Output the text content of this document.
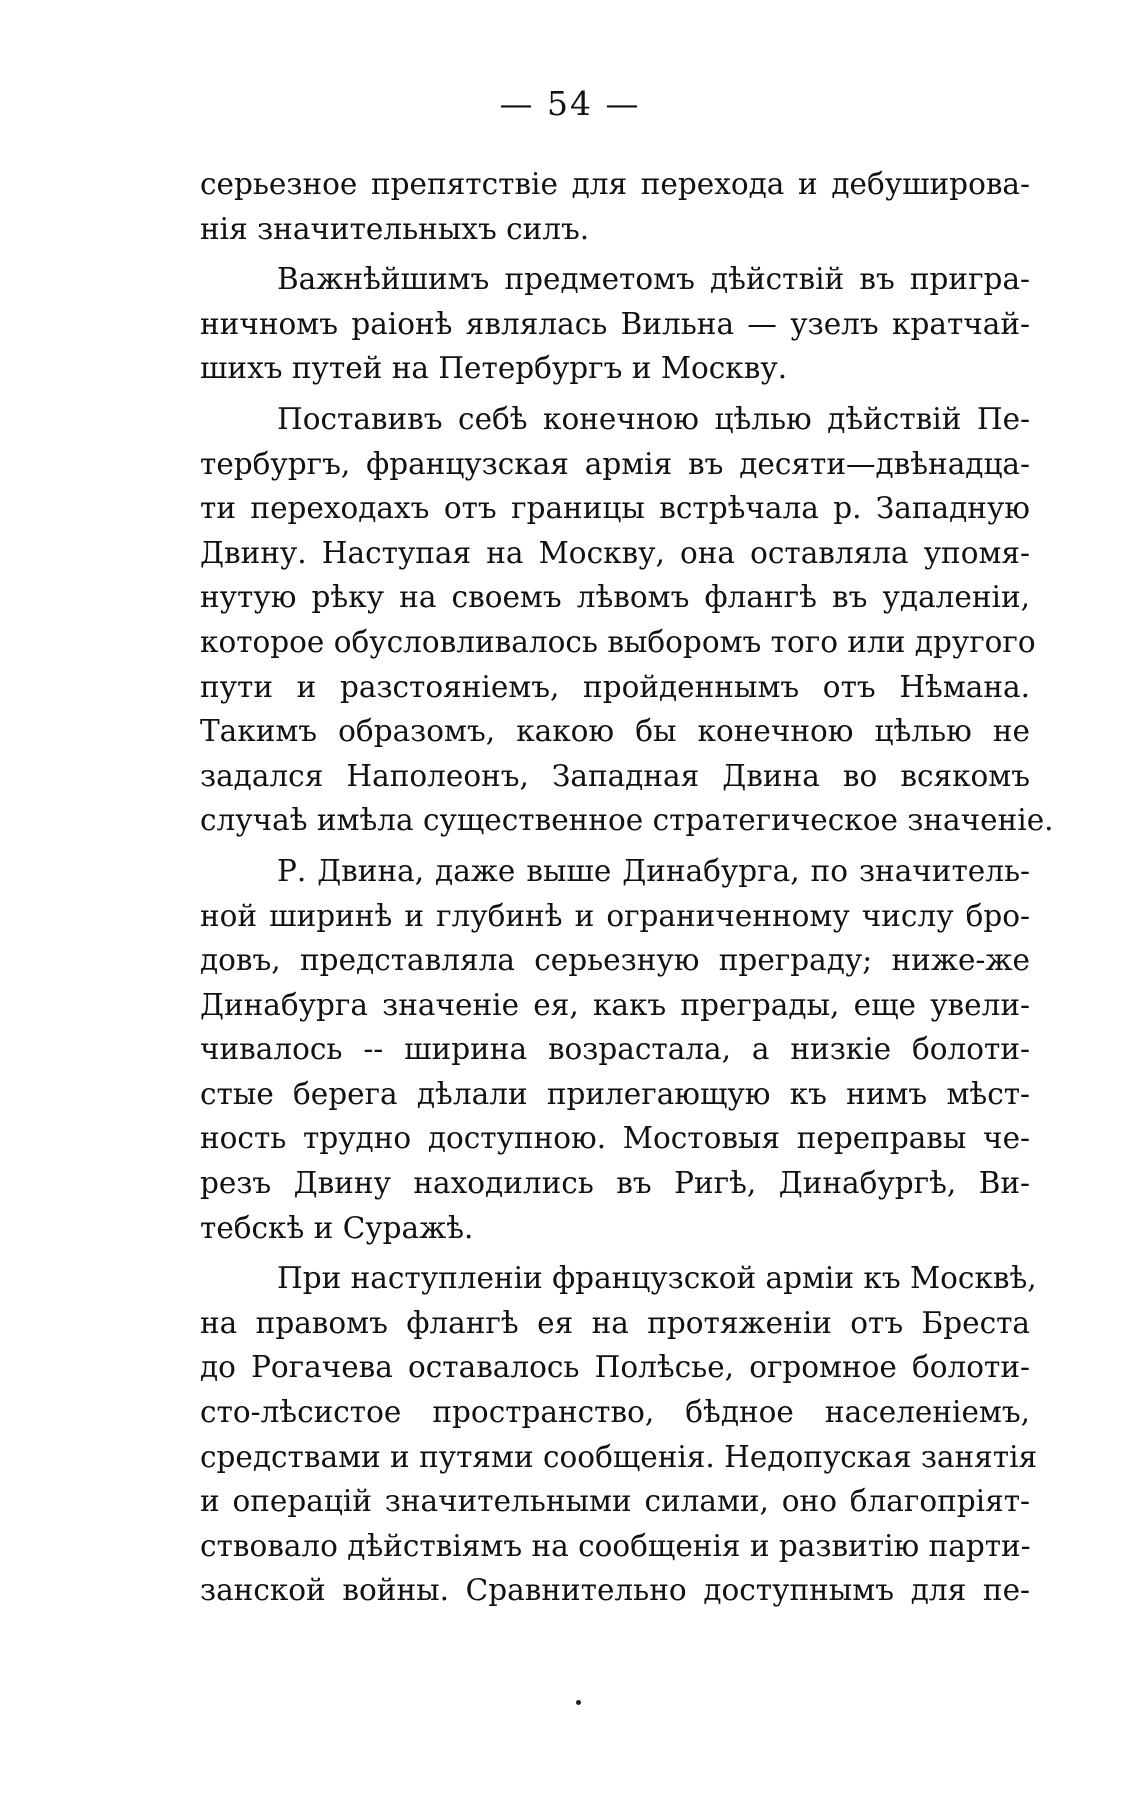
— 54 —
серьезное препятствіе для перехода и дебуширова-
нія значительныхъ силъ.
Важнѣйшимъ предметомъ дѣйствій въ пригра-
ничномъ раіонѣ являлась Вильна — узелъ кратчай-
шихъ путей на Петербургъ и Москву.
Поставивъ себѣ конечною цѣлью дѣйствій Пе-
тербургъ, французская армія въ десяти—двѣнадца-
ти переходахъ отъ границы встрѣчала р. Западную
Двину. Наступая на Москву, она оставляла упомя-
нутую рѣку на своемъ лѣвомъ флангѣ въ удаленіи,
которое обусловливалось выборомъ того или другого
пути и разстояніемъ, пройденнымъ отъ Нѣмана.
Такимъ образомъ, какою бы конечною цѣлью не
задался Наполеонъ, Западная Двина во всякомъ
случаѣ имѣла существенное стратегическое значеніе.
Р. Двина, даже выше Динабурга, по значитель-
ной ширинѣ и глубинѣ и ограниченному числу бро-
довъ, представляла серьезную преграду; ниже-же
Динабурга значеніе ея, какъ преграды, еще увели-
чивалось -- ширина возрастала, а низкіе болоти-
стые берега дѣлали прилегающую къ нимъ мѣст-
ность трудно доступною. Мостовыя переправы че-
резъ Двину находились въ Ригѣ, Динабургѣ, Ви-
тебскѣ и Суражѣ.
При наступленіи французской арміи къ Москвѣ,
на правомъ флангѣ ея на протяженіи отъ Бреста
до Рогачева оставалось Полѣсье, огромное болоти-
сто-лѣсистое пространство, бѣдное населеніемъ,
средствами и путями сообщенія. Недопуская занятія
и операцій значительными силами, оно благопріят-
ствовало дѣйствіямъ на сообщенія и развитію парти-
занской войны. Сравнительно доступнымъ для пе-
